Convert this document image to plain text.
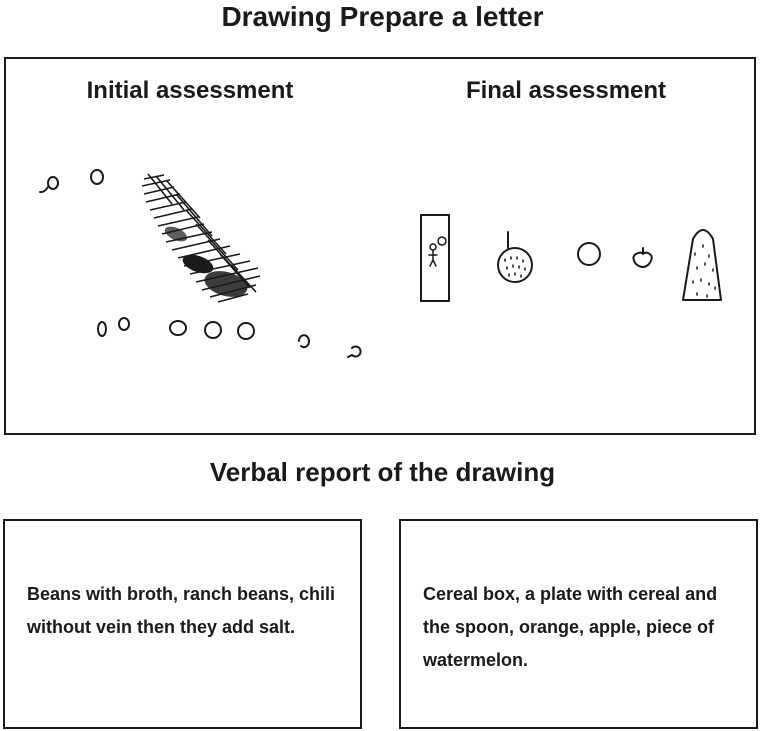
Drawing Prepare a letter
Initial assessment	Final assessment
Verbal report of the drawing
Beans with broth, ranch beans, chili without vein then they add salt.
Cereal box, a plate with cereal and the spoon, orange, apple, piece of watermelon.
